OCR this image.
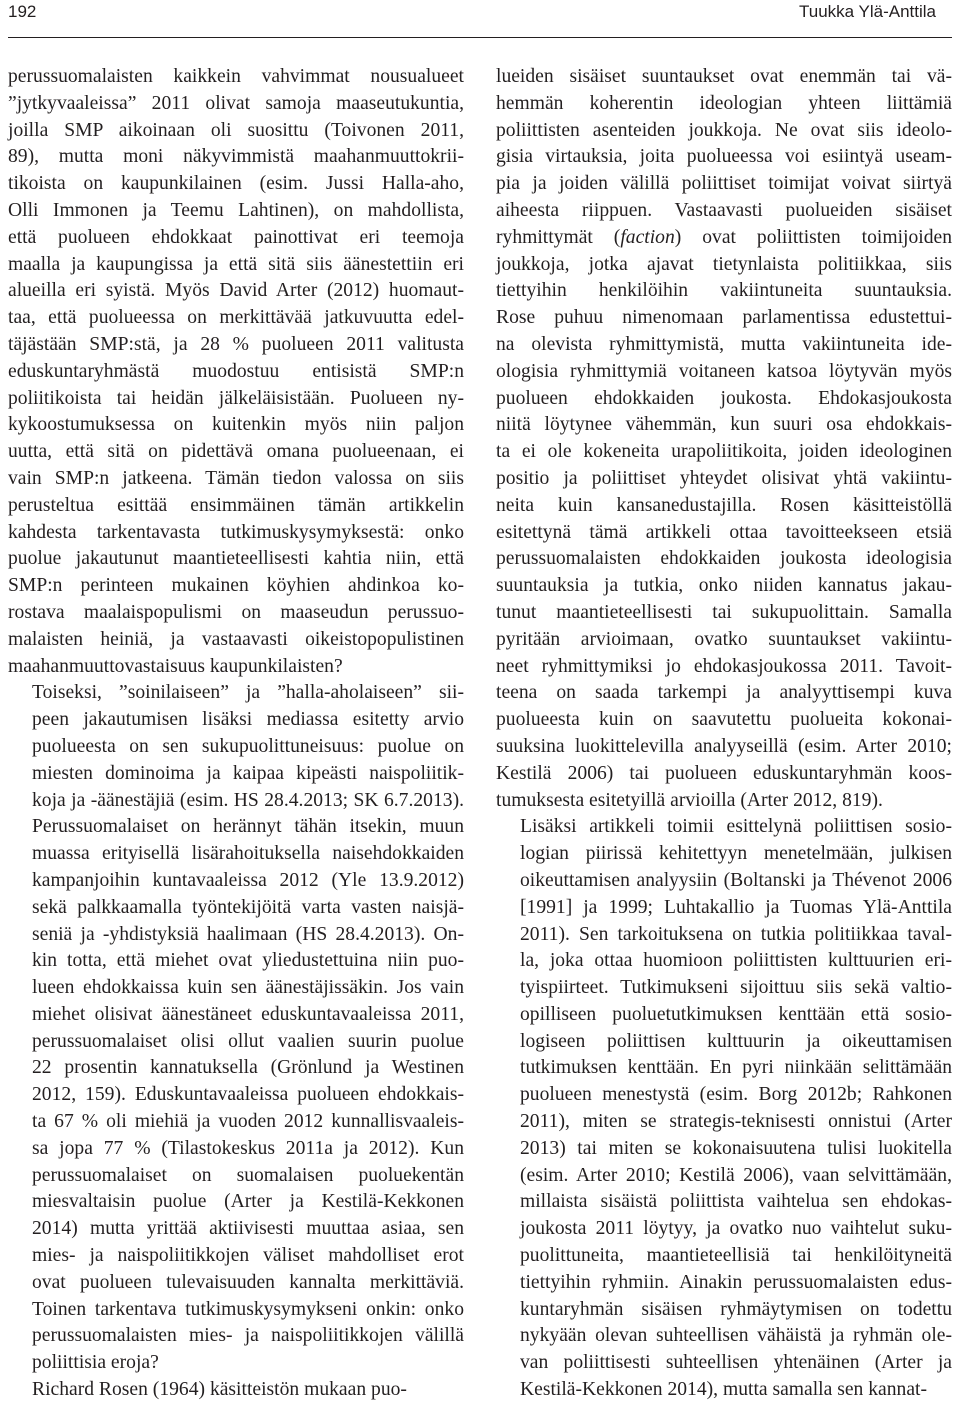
192	Tuukka Ylä-Anttila
perussuomalaisten kaikkein vahvimmat nousualueet
”jytkyvaaleissa” 2011 olivat samoja maaseutukuntia,
joilla SMP aikoinaan oli suosittu (Toivonen 2011,
89), mutta moni näkyvimmistä maahanmuuttokrii-
tikoista on kaupunkilainen (esim. Jussi Halla-aho,
Olli Immonen ja Teemu Lahtinen), on mahdollista,
että puolueen ehdokkaat painottivat eri teemoja
maalla ja kaupungissa ja että sitä siis äänestettiin eri
alueilla eri syistä. Myös David Arter (2012) huomaut-
taa, että puolueessa on merkittävää jatkuvuutta edel-
täjästään SMP:stä, ja 28 % puolueen 2011 valitusta
eduskuntaryhmästä muodostuu entisistä SMP:n
poliitikoista tai heidän jälkeläisistään. Puolueen ny-
kykoostumuksessa on kuitenkin myös niin paljon
uutta, että sitä on pidettävä omana puolueenaan, ei
vain SMP:n jatkeena. Tämän tiedon valossa on siis
perusteltua esittää ensimmäinen tämän artikkelin
kahdesta tarkentavasta tutkimuskysymyksestä: onko
puolue jakautunut maantieteellisesti kahtia niin, että
SMP:n perinteen mukainen köyhien ahdinkoa ko-
rostava maalaispopulismi on maaseudun perussuo-
malaisten heiniä, ja vastaavasti oikeistopopulistinen
maahanmuuttovastaisuus kaupunkilaisten?
Toiseksi, ”soinilaiseen” ja ”halla-aholaiseen” sii-
peen jakautumisen lisäksi mediassa esitetty arvio
puolueesta on sen sukupuolittuneisuus: puolue on
miesten dominoima ja kaipaa kipeästi naispoliitik-
koja ja -äänestäjiä (esim. HS 28.4.2013; SK 6.7.2013).
Perussuomalaiset on herännyt tähän itsekin, muun
muassa erityisellä lisärahoituksella naisehdokkaiden
kampanjoihin kuntavaaleissa 2012 (Yle 13.9.2012)
sekä palkkaamalla työntekijöitä varta vasten naisjä-
seniä ja -yhdistyksiä haalimaan (HS 28.4.2013). On-
kin totta, että miehet ovat yliedustettuina niin puo-
lueen ehdokkaissa kuin sen äänestäjissäkin. Jos vain
miehet olisivat äänestäneet eduskuntavaaleissa 2011,
perussuomalaiset olisi ollut vaalien suurin puolue
22 prosentin kannatuksella (Grönlund ja Westinen
2012, 159). Eduskuntavaaleissa puolueen ehdokkais-
ta 67 % oli miehiä ja vuoden 2012 kunnallisvaaleis-
sa jopa 77 % (Tilastokeskus 2011a ja 2012). Kun
perussuomalaiset on suomalaisen puoluekentän
miesvaltaisin puolue (Arter ja Kestilä-Kekkonen
2014) mutta yrittää aktiivisesti muuttaa asiaa, sen
mies- ja naispoliitikkojen väliset mahdolliset erot
ovat puolueen tulevaisuuden kannalta merkittäviä.
Toinen tarkentava tutkimuskysymykseni onkin: onko
perussuomalaisten mies- ja naispoliitikkojen välillä
poliittisia eroja?
Richard Rosen (1964) käsitteistön mukaan puo-
lueiden sisäiset suuntaukset ovat enemmän tai vä-
hemmän koherentin ideologian yhteen liittämiä
poliittisten asenteiden joukkoja. Ne ovat siis ideolo-
gisia virtauksia, joita puolueessa voi esiintyä useam-
pia ja joiden välillä poliittiset toimijat voivat siirtyä
aiheesta riippuen. Vastaavasti puolueiden sisäiset
ryhmittymät (faction) ovat poliittisten toimijoiden
joukkoja, jotka ajavat tietynlaista politiikkaa, siis
tiettyihin henkilöihin vakiintuneita suuntauksia.
Rose puhuu nimenomaan parlamentissa edustettui-
na olevista ryhmittymistä, mutta vakiintuneita ide-
ologisia ryhmittymiä voitaneen katsoa löytyvän myös
puolueen ehdokkaiden joukosta. Ehdokasjoukosta
niitä löytynee vähemmän, kun suuri osa ehdokkais-
ta ei ole kokeneita urapoliitikoita, joiden ideologinen
positio ja poliittiset yhteydet olisivat yhtä vakiintu-
neita kuin kansanedustajilla. Rosen käsitteistöllä
esitettynä tämä artikkeli ottaa tavoitteekseen etsiä
perussuomalaisten ehdokkaiden joukosta ideologisia
suuntauksia ja tutkia, onko niiden kannatus jakau-
tunut maantieteellisesti tai sukupuolittain. Samalla
pyritään arvioimaan, ovatko suuntaukset vakiintu-
neet ryhmittymiksi jo ehdokasjoukossa 2011. Tavoit-
teena on saada tarkempi ja analyyttisempi kuva
puolueesta kuin on saavutettu puolueita kokonai-
suuksina luokittelevilla analyyseillä (esim. Arter 2010;
Kestilä 2006) tai puolueen eduskuntaryhmän koos-
tumuksesta esitetyillä arvioilla (Arter 2012, 819).
Lisäksi artikkeli toimii esittelynä poliittisen sosio-
logian piirissä kehitettyyn menetelmään, julkisen
oikeuttamisen analyysiin (Boltanski ja Thévenot 2006
[1991] ja 1999; Luhtakallio ja Tuomas Ylä-Anttila
2011). Sen tarkoituksena on tutkia politiikkaa taval-
la, joka ottaa huomioon poliittisten kulttuurien eri-
tyispiirteet. Tutkimukseni sijoittuu siis sekä valtio-
opilliseen puoluetutkimuksen kenttään että sosio-
logiseen poliittisen kulttuurin ja oikeuttamisen
tutkimuksen kenttään. En pyri niinkään selittämään
puolueen menestystä (esim. Borg 2012b; Rahkonen
2011), miten se strategis-teknisesti onnistui (Arter
2013) tai miten se kokonaisuutena tulisi luokitella
(esim. Arter 2010; Kestilä 2006), vaan selvittämään,
millaista sisäistä poliittista vaihtelua sen ehdokas-
joukosta 2011 löytyy, ja ovatko nuo vaihtelut suku-
puolittuneita, maantieteellisiä tai henkilöityneitä
tiettyihin ryhmiin. Ainakin perussuomalaisten edus-
kuntaryhmän sisäisen ryhmäytymisen on todettu
nykyään olevan suhteellisen vähäistä ja ryhmän ole-
van poliittisesti suhteellisen yhtenäinen (Arter ja
Kestilä-Kekkonen 2014), mutta samalla sen kannat-
